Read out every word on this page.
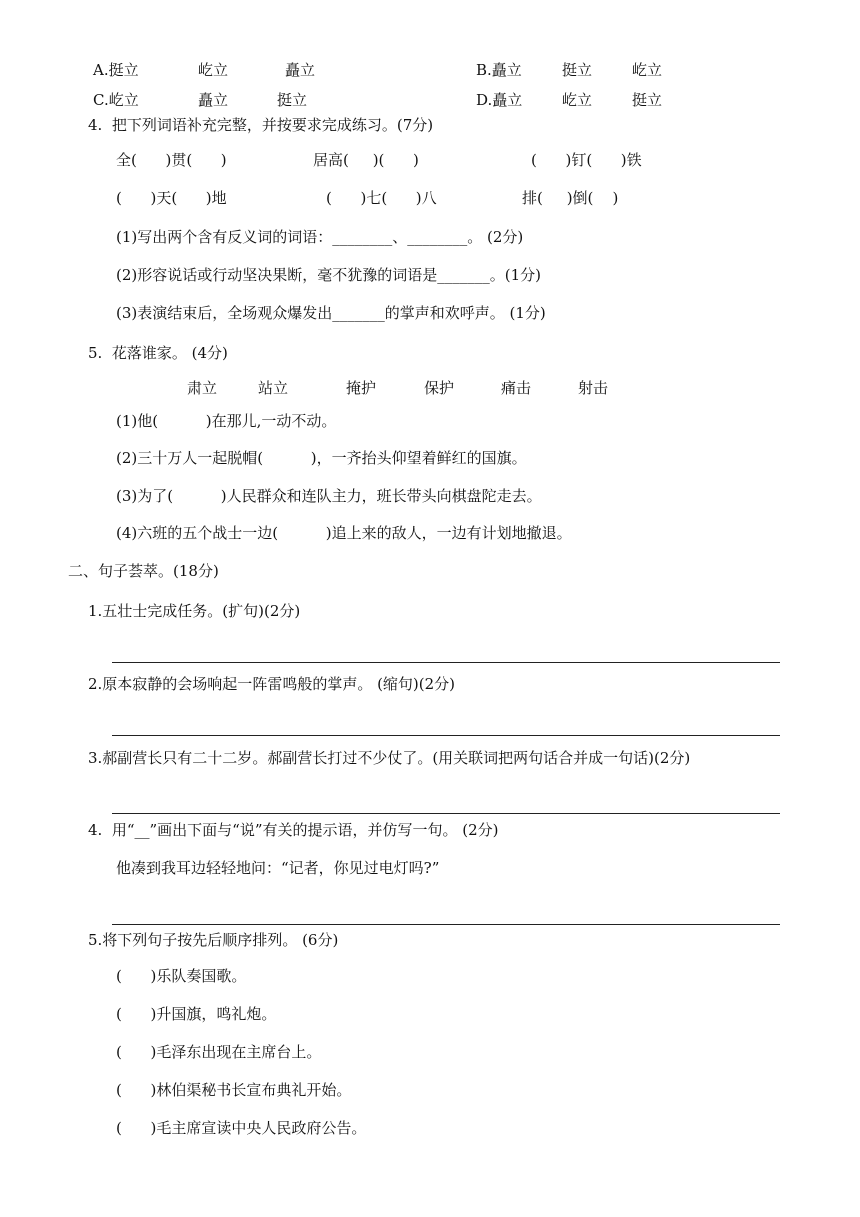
A.挺立	屹立	矗立	B.矗立	挺立	屹立
C.屹立	矗立	挺立	D.矗立	屹立	挺立
4.  把下列词语补充完整，并按要求完成练习。(7分)
全(      )贯(      )	居高(     )(      )	(      )钉(      )铁
(      )天(      )地	(      )七(      )八	排(     )倒(    )
(1)写出两个含有反义词的词语：________、________。 (2分)
(2)形容说话或行动坚决果断，毫不犹豫的词语是_______。(1分)
(3)表演结束后，全场观众爆发出_______的掌声和欢呼声。 (1分)
5.  花落谁家。 (4分)
肃立	站立	掩护	保护	痛击	射击
(1)他(          )在那儿,一动不动。
(2)三十万人一起脱帽(          )，一齐抬头仰望着鲜红的国旗。
(3)为了(          )人民群众和连队主力，班长带头向棋盘陀走去。
(4)六班的五个战士一边(          )追上来的敌人，一边有计划地撤退。
二、句子荟萃。(18分)
1.五壮士完成任务。(扩句)(2分)
2.原本寂静的会场响起一阵雷鸣般的掌声。 (缩句)(2分)
3.郝副营长只有二十二岁。郝副营长打过不少仗了。(用关联词把两句话合并成一句话)(2分)
4.  用“__”画出下面与“说”有关的提示语，并仿写一句。 (2分)
他凑到我耳边轻轻地问：“记者，你见过电灯吗?”
5.将下列句子按先后顺序排列。 (6分)
(      )乐队奏国歌。
(      )升国旗，鸣礼炮。
(      )毛泽东出现在主席台上。
(      )林伯渠秘书长宣布典礼开始。
(      )毛主席宣读中央人民政府公告。
